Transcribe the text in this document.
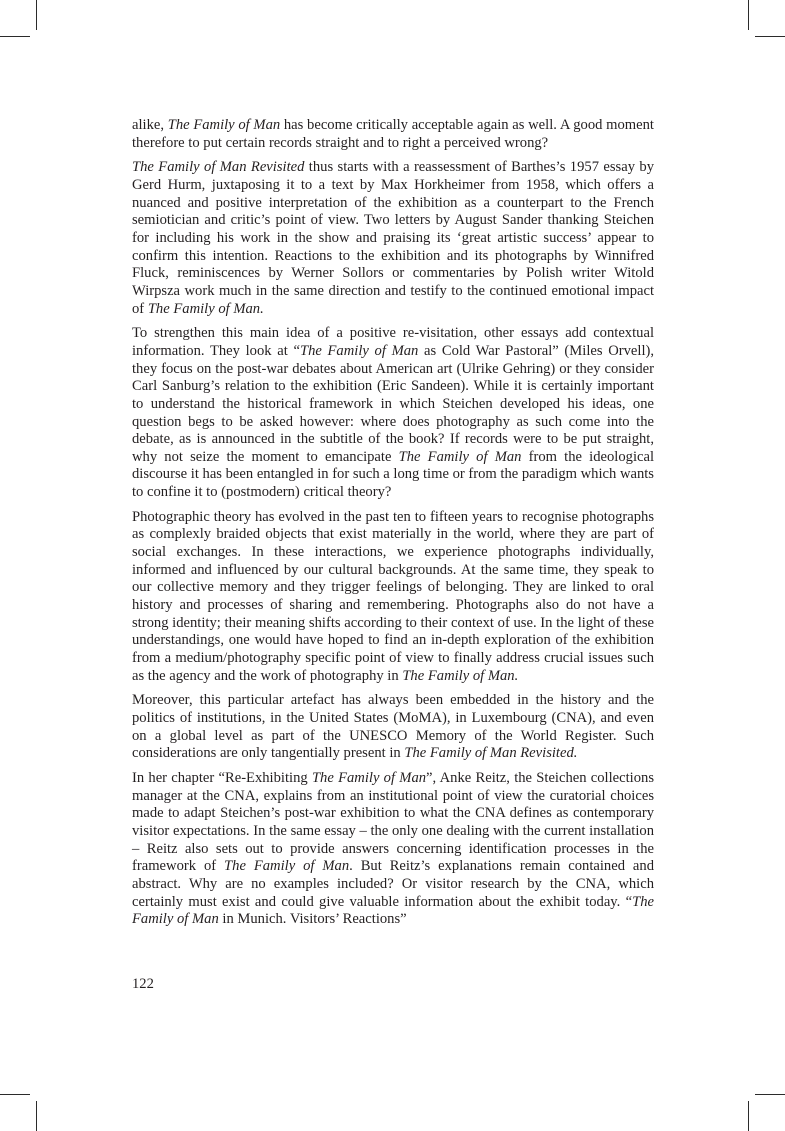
alike, The Family of Man has become critically acceptable again as well. A good moment therefore to put certain records straight and to right a perceived wrong?

The Family of Man Revisited thus starts with a reassessment of Barthes’s 1957 essay by Gerd Hurm, juxtaposing it to a text by Max Horkheimer from 1958, which offers a nuanced and positive interpretation of the exhibition as a counterpart to the French semiotician and critic’s point of view. Two letters by August Sander thanking Steichen for including his work in the show and praising its ‘great artistic success’ appear to confirm this intention. Reactions to the exhibition and its photographs by Winnifred Fluck, reminiscences by Werner Sollors or commentaries by Polish writer Witold Wirpsza work much in the same direction and testify to the continued emotional impact of The Family of Man.

To strengthen this main idea of a positive re-visitation, other essays add contextual information. They look at “The Family of Man as Cold War Pastoral” (Miles Orvell), they focus on the post-war debates about American art (Ulrike Gehring) or they consider Carl Sanburg’s relation to the exhibition (Eric Sandeen). While it is certainly important to understand the historical framework in which Steichen developed his ideas, one question begs to be asked however: where does photography as such come into the debate, as is announced in the subtitle of the book? If records were to be put straight, why not seize the moment to emancipate The Family of Man from the ideological discourse it has been entangled in for such a long time or from the paradigm which wants to confine it to (postmodern) critical theory?

Photographic theory has evolved in the past ten to fifteen years to recognise photographs as complexly braided objects that exist materially in the world, where they are part of social exchanges. In these interactions, we experience photographs individually, informed and influenced by our cultural backgrounds. At the same time, they speak to our collective memory and they trigger feelings of belonging. They are linked to oral history and processes of sharing and remembering. Photographs also do not have a strong identity; their meaning shifts according to their context of use. In the light of these understandings, one would have hoped to find an in-depth exploration of the exhibition from a medium/photography specific point of view to finally address crucial issues such as the agency and the work of photography in The Family of Man.

Moreover, this particular artefact has always been embedded in the history and the politics of institutions, in the United States (MoMA), in Luxembourg (CNA), and even on a global level as part of the UNESCO Memory of the World Register. Such considerations are only tangentially present in The Family of Man Revisited.

In her chapter “Re-Exhibiting The Family of Man”, Anke Reitz, the Steichen collections manager at the CNA, explains from an institutional point of view the curatorial choices made to adapt Steichen’s post-war exhibition to what the CNA defines as contemporary visitor expectations. In the same essay – the only one dealing with the current installation – Reitz also sets out to provide answers concerning identification processes in the framework of The Family of Man. But Reitz’s explanations remain contained and abstract. Why are no examples included? Or visitor research by the CNA, which certainly must exist and could give valuable information about the exhibit today. “The Family of Man in Munich. Visitors’ Reactions”

122
